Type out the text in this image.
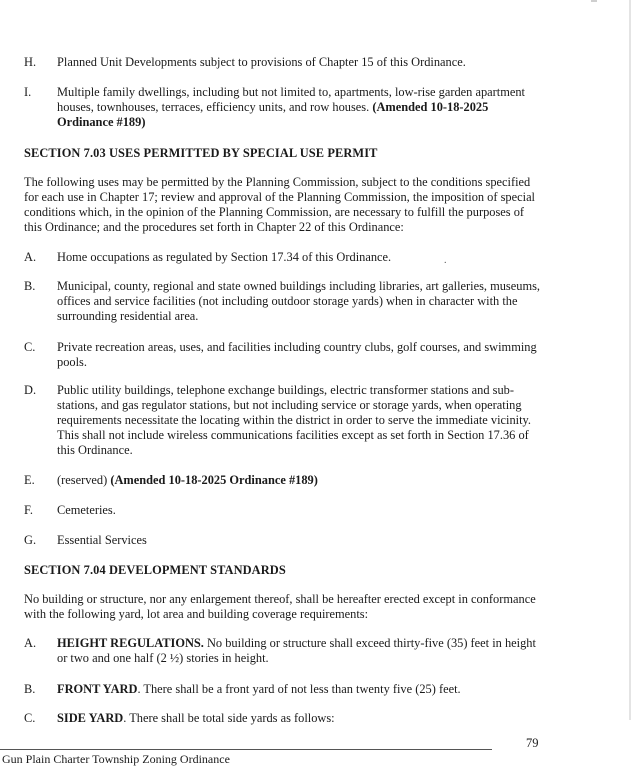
H.	Planned Unit Developments subject to provisions of Chapter 15 of this Ordinance.
I.	Multiple family dwellings, including but not limited to, apartments, low-rise garden apartment houses, townhouses, terraces, efficiency units, and row houses. (Amended 10-18-2025 Ordinance #189)
SECTION 7.03 USES PERMITTED BY SPECIAL USE PERMIT
The following uses may be permitted by the Planning Commission, subject to the conditions specified for each use in Chapter 17; review and approval of the Planning Commission, the imposition of special conditions which, in the opinion of the Planning Commission, are necessary to fulfill the purposes of this Ordinance; and the procedures set forth in Chapter 22 of this Ordinance:
A.	Home occupations as regulated by Section 17.34 of this Ordinance.	.
B.	Municipal, county, regional and state owned buildings including libraries, art galleries, museums, offices and service facilities (not including outdoor storage yards) when in character with the surrounding residential area.
C.	Private recreation areas, uses, and facilities including country clubs, golf courses, and swimming pools.
D.	Public utility buildings, telephone exchange buildings, electric transformer stations and sub-stations, and gas regulator stations, but not including service or storage yards, when operating requirements necessitate the locating within the district in order to serve the immediate vicinity. This shall not include wireless communications facilities except as set forth in Section 17.36 of this Ordinance.
E.	(reserved) (Amended 10-18-2025 Ordinance #189)
F.	Cemeteries.
G.	Essential Services
SECTION 7.04 DEVELOPMENT STANDARDS
No building or structure, nor any enlargement thereof, shall be hereafter erected except in conformance with the following yard, lot area and building coverage requirements:
A.	HEIGHT REGULATIONS. No building or structure shall exceed thirty-five (35) feet in height or two and one half (2 ½) stories in height.
B.	FRONT YARD. There shall be a front yard of not less than twenty five (25) feet.
C.	SIDE YARD. There shall be total side yards as follows:
79
Gun Plain Charter Township Zoning Ordinance
